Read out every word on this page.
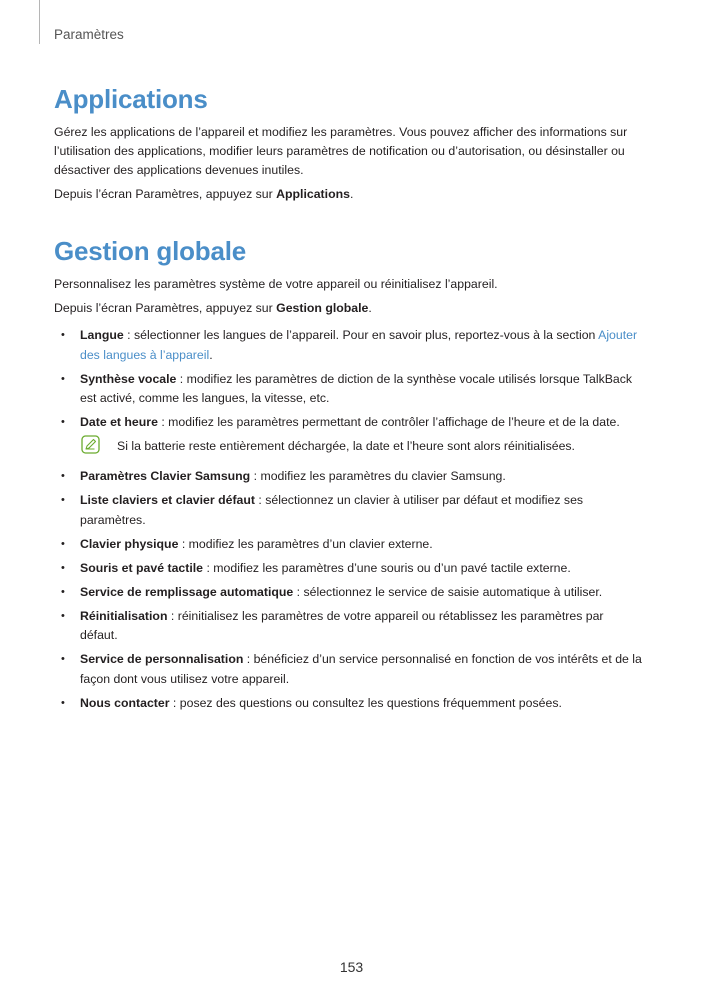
Paramètres
Applications

Gérez les applications de l’appareil et modifiez les paramètres. Vous pouvez afficher des informations sur l’utilisation des applications, modifier leurs paramètres de notification ou d’autorisation, ou désinstaller ou désactiver des applications devenues inutiles.

Depuis l’écran Paramètres, appuyez sur Applications.

Gestion globale

Personnalisez les paramètres système de votre appareil ou réinitialisez l’appareil.

Depuis l’écran Paramètres, appuyez sur Gestion globale.

• Langue : sélectionner les langues de l’appareil. Pour en savoir plus, reportez-vous à la section Ajouter des langues à l’appareil.
• Synthèse vocale : modifiez les paramètres de diction de la synthèse vocale utilisés lorsque TalkBack est activé, comme les langues, la vitesse, etc.
• Date et heure : modifiez les paramètres permettant de contrôler l’affichage de l’heure et de la date.
Si la batterie reste entièrement déchargée, la date et l’heure sont alors réinitialisées.
• Paramètres Clavier Samsung : modifiez les paramètres du clavier Samsung.
• Liste claviers et clavier défaut : sélectionnez un clavier à utiliser par défaut et modifiez ses paramètres.
• Clavier physique : modifiez les paramètres d’un clavier externe.
• Souris et pavé tactile : modifiez les paramètres d’une souris ou d’un pavé tactile externe.
• Service de remplissage automatique : sélectionnez le service de saisie automatique à utiliser.
• Réinitialisation : réinitialisez les paramètres de votre appareil ou rétablissez les paramètres par défaut.
• Service de personnalisation : bénéficiez d’un service personnalisé en fonction de vos intérêts et de la façon dont vous utilisez votre appareil.
• Nous contacter : posez des questions ou consultez les questions fréquemment posées.
153
